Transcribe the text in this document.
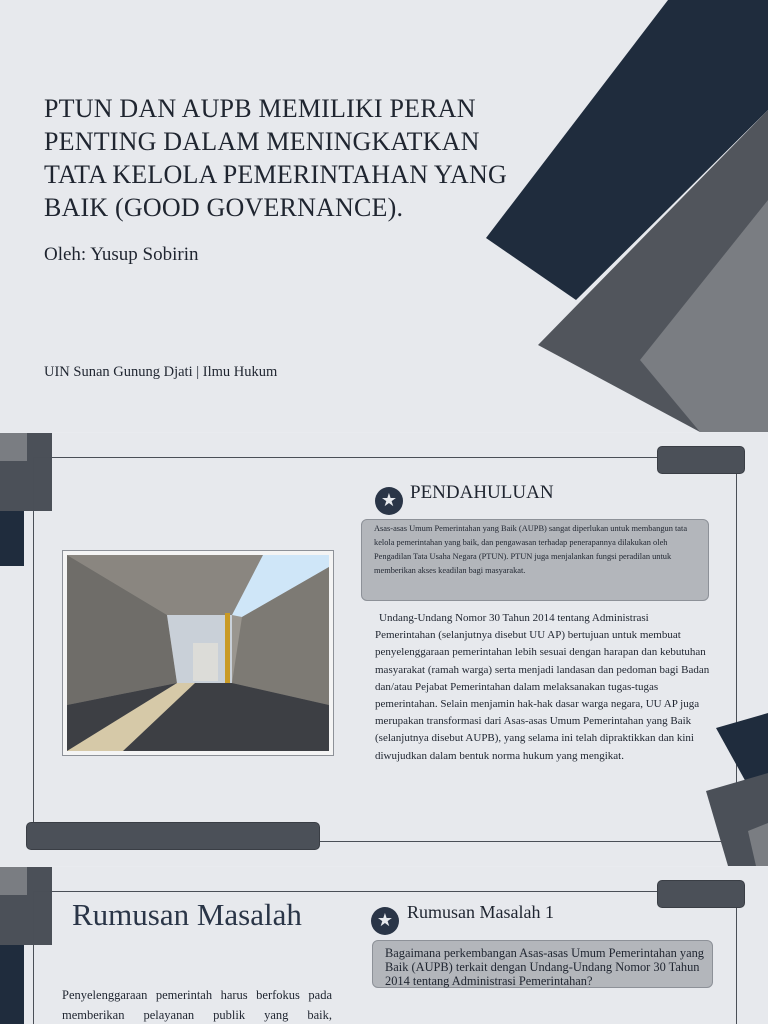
PTUN DAN AUPB MEMILIKI PERAN PENTING DALAM MENINGKATKAN TATA KELOLA PEMERINTAHAN YANG BAIK (GOOD GOVERNANCE).
Oleh: Yusup Sobirin
UIN Sunan Gunung Djati | Ilmu Hukum
★ PENDAHULUAN
Asas-asas Umum Pemerintahan yang Baik (AUPB) sangat diperlukan untuk membangun tata kelola pemerintahan yang baik, dan pengawasan terhadap penerapannya dilakukan oleh Pengadilan Tata Usaha Negara (PTUN). PTUN juga menjalankan fungsi peradilan untuk memberikan akses keadilan bagi masyarakat.
Undang-Undang Nomor 30 Tahun 2014 tentang Administrasi Pemerintahan (selanjutnya disebut UU AP) bertujuan untuk membuat penyelenggaraan pemerintahan lebih sesuai dengan harapan dan kebutuhan masyarakat (ramah warga) serta menjadi landasan dan pedoman bagi Badan dan/atau Pejabat Pemerintahan dalam melaksanakan tugas-tugas pemerintahan. Selain menjamin hak-hak dasar warga negara, UU AP juga merupakan transformasi dari Asas-asas Umum Pemerintahan yang Baik (selanjutnya disebut AUPB), yang selama ini telah dipraktikkan dan kini diwujudkan dalam bentuk norma hukum yang mengikat.
Rumusan Masalah	★ Rumusan Masalah 1
Bagaimana perkembangan Asas-asas Umum Pemerintahan yang Baik (AUPB) terkait dengan Undang-Undang Nomor 30 Tahun 2014 tentang Administrasi Pemerintahan?
Penyelenggaraan pemerintah harus berfokus pada memberikan pelayanan publik yang baik,
